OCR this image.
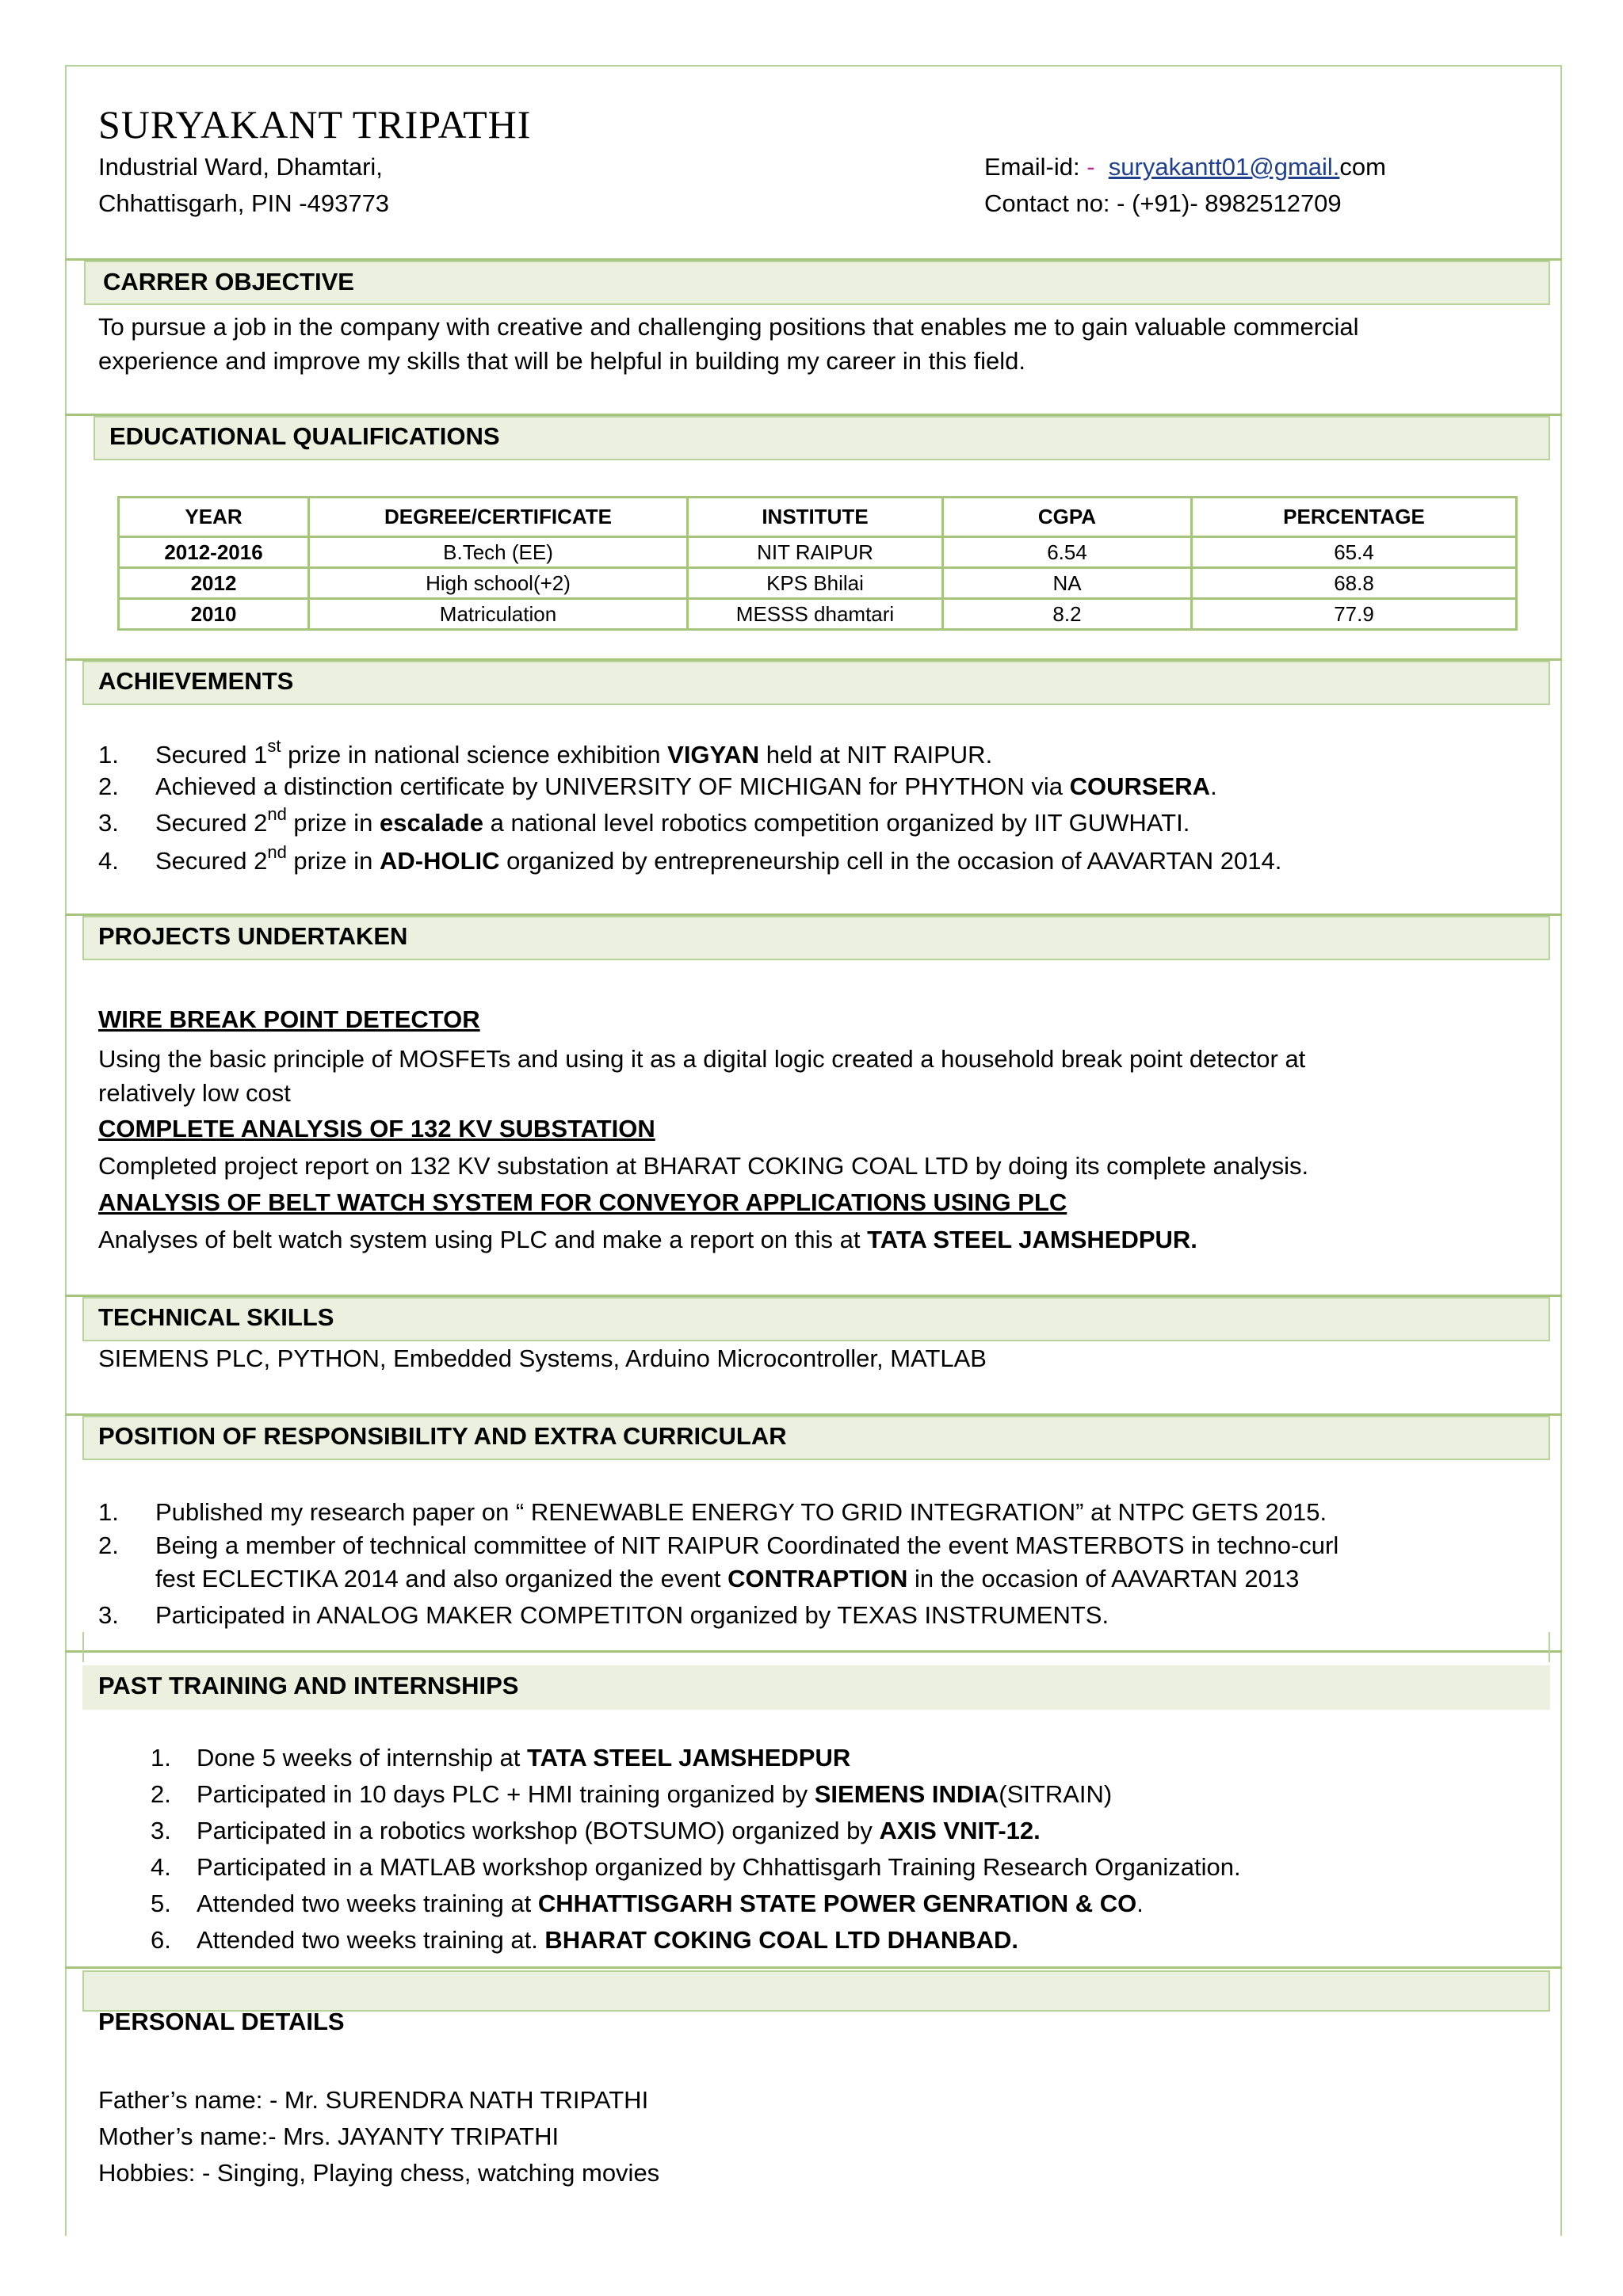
SURYAKANT TRIPATHI
Industrial Ward, Dhamtari,
Chhattisgarh, PIN -493773
Email-id: - suryakantt01@gmail.com
Contact no: - (+91)- 8982512709
CARRER OBJECTIVE
To pursue a job in the company with creative and challenging positions that enables me to gain valuable commercial
experience and improve my skills that will be helpful in building my career in this field.
EDUCATIONAL QUALIFICATIONS
YEAR	DEGREE/CERTIFICATE	INSTITUTE	CGPA	PERCENTAGE
2012-2016	B.Tech (EE)	NIT RAIPUR	6.54	65.4
2012	High school(+2)	KPS Bhilai	NA	68.8
2010	Matriculation	MESSS dhamtari	8.2	77.9
ACHIEVEMENTS
1.	Secured 1st prize in national science exhibition VIGYAN held at NIT RAIPUR.
2.	Achieved a distinction certificate by UNIVERSITY OF MICHIGAN for PHYTHON via COURSERA.
3.	Secured 2nd prize in escalade a national level robotics competition organized by IIT GUWHATI.
4.	Secured 2nd prize in AD-HOLIC organized by entrepreneurship cell in the occasion of AAVARTAN 2014.
PROJECTS UNDERTAKEN
WIRE BREAK POINT DETECTOR
Using the basic principle of MOSFETs and using it as a digital logic created a household break point detector at
relatively low cost
COMPLETE ANALYSIS OF 132 KV SUBSTATION
Completed project report on 132 KV substation at BHARAT COKING COAL LTD by doing its complete analysis.
ANALYSIS OF BELT WATCH SYSTEM FOR CONVEYOR APPLICATIONS USING PLC
Analyses of belt watch system using PLC and make a report on this at TATA STEEL JAMSHEDPUR.
TECHNICAL SKILLS
SIEMENS PLC, PYTHON, Embedded Systems, Arduino Microcontroller, MATLAB
POSITION OF RESPONSIBILITY AND EXTRA CURRICULAR
1.	Published my research paper on “ RENEWABLE ENERGY TO GRID INTEGRATION” at NTPC GETS 2015.
2.	Being a member of technical committee of NIT RAIPUR Coordinated the event MASTERBOTS in techno-curl
fest ECLECTIKA 2014 and also organized the event CONTRAPTION in the occasion of AAVARTAN 2013
3.	Participated in ANALOG MAKER COMPETITON organized by TEXAS INSTRUMENTS.
PAST TRAINING AND INTERNSHIPS
1.	Done 5 weeks of internship at TATA STEEL JAMSHEDPUR
2.	Participated in 10 days PLC + HMI training organized by SIEMENS INDIA(SITRAIN)
3.	Participated in a robotics workshop (BOTSUMO) organized by AXIS VNIT-12.
4.	Participated in a MATLAB workshop organized by Chhattisgarh Training Research Organization.
5.	Attended two weeks training at CHHATTISGARH STATE POWER GENRATION & CO.
6.	Attended two weeks training at. BHARAT COKING COAL LTD DHANBAD.
PERSONAL DETAILS
Father’s name: - Mr. SURENDRA NATH TRIPATHI
Mother’s name:- Mrs. JAYANTY TRIPATHI
Hobbies: - Singing, Playing chess, watching movies
